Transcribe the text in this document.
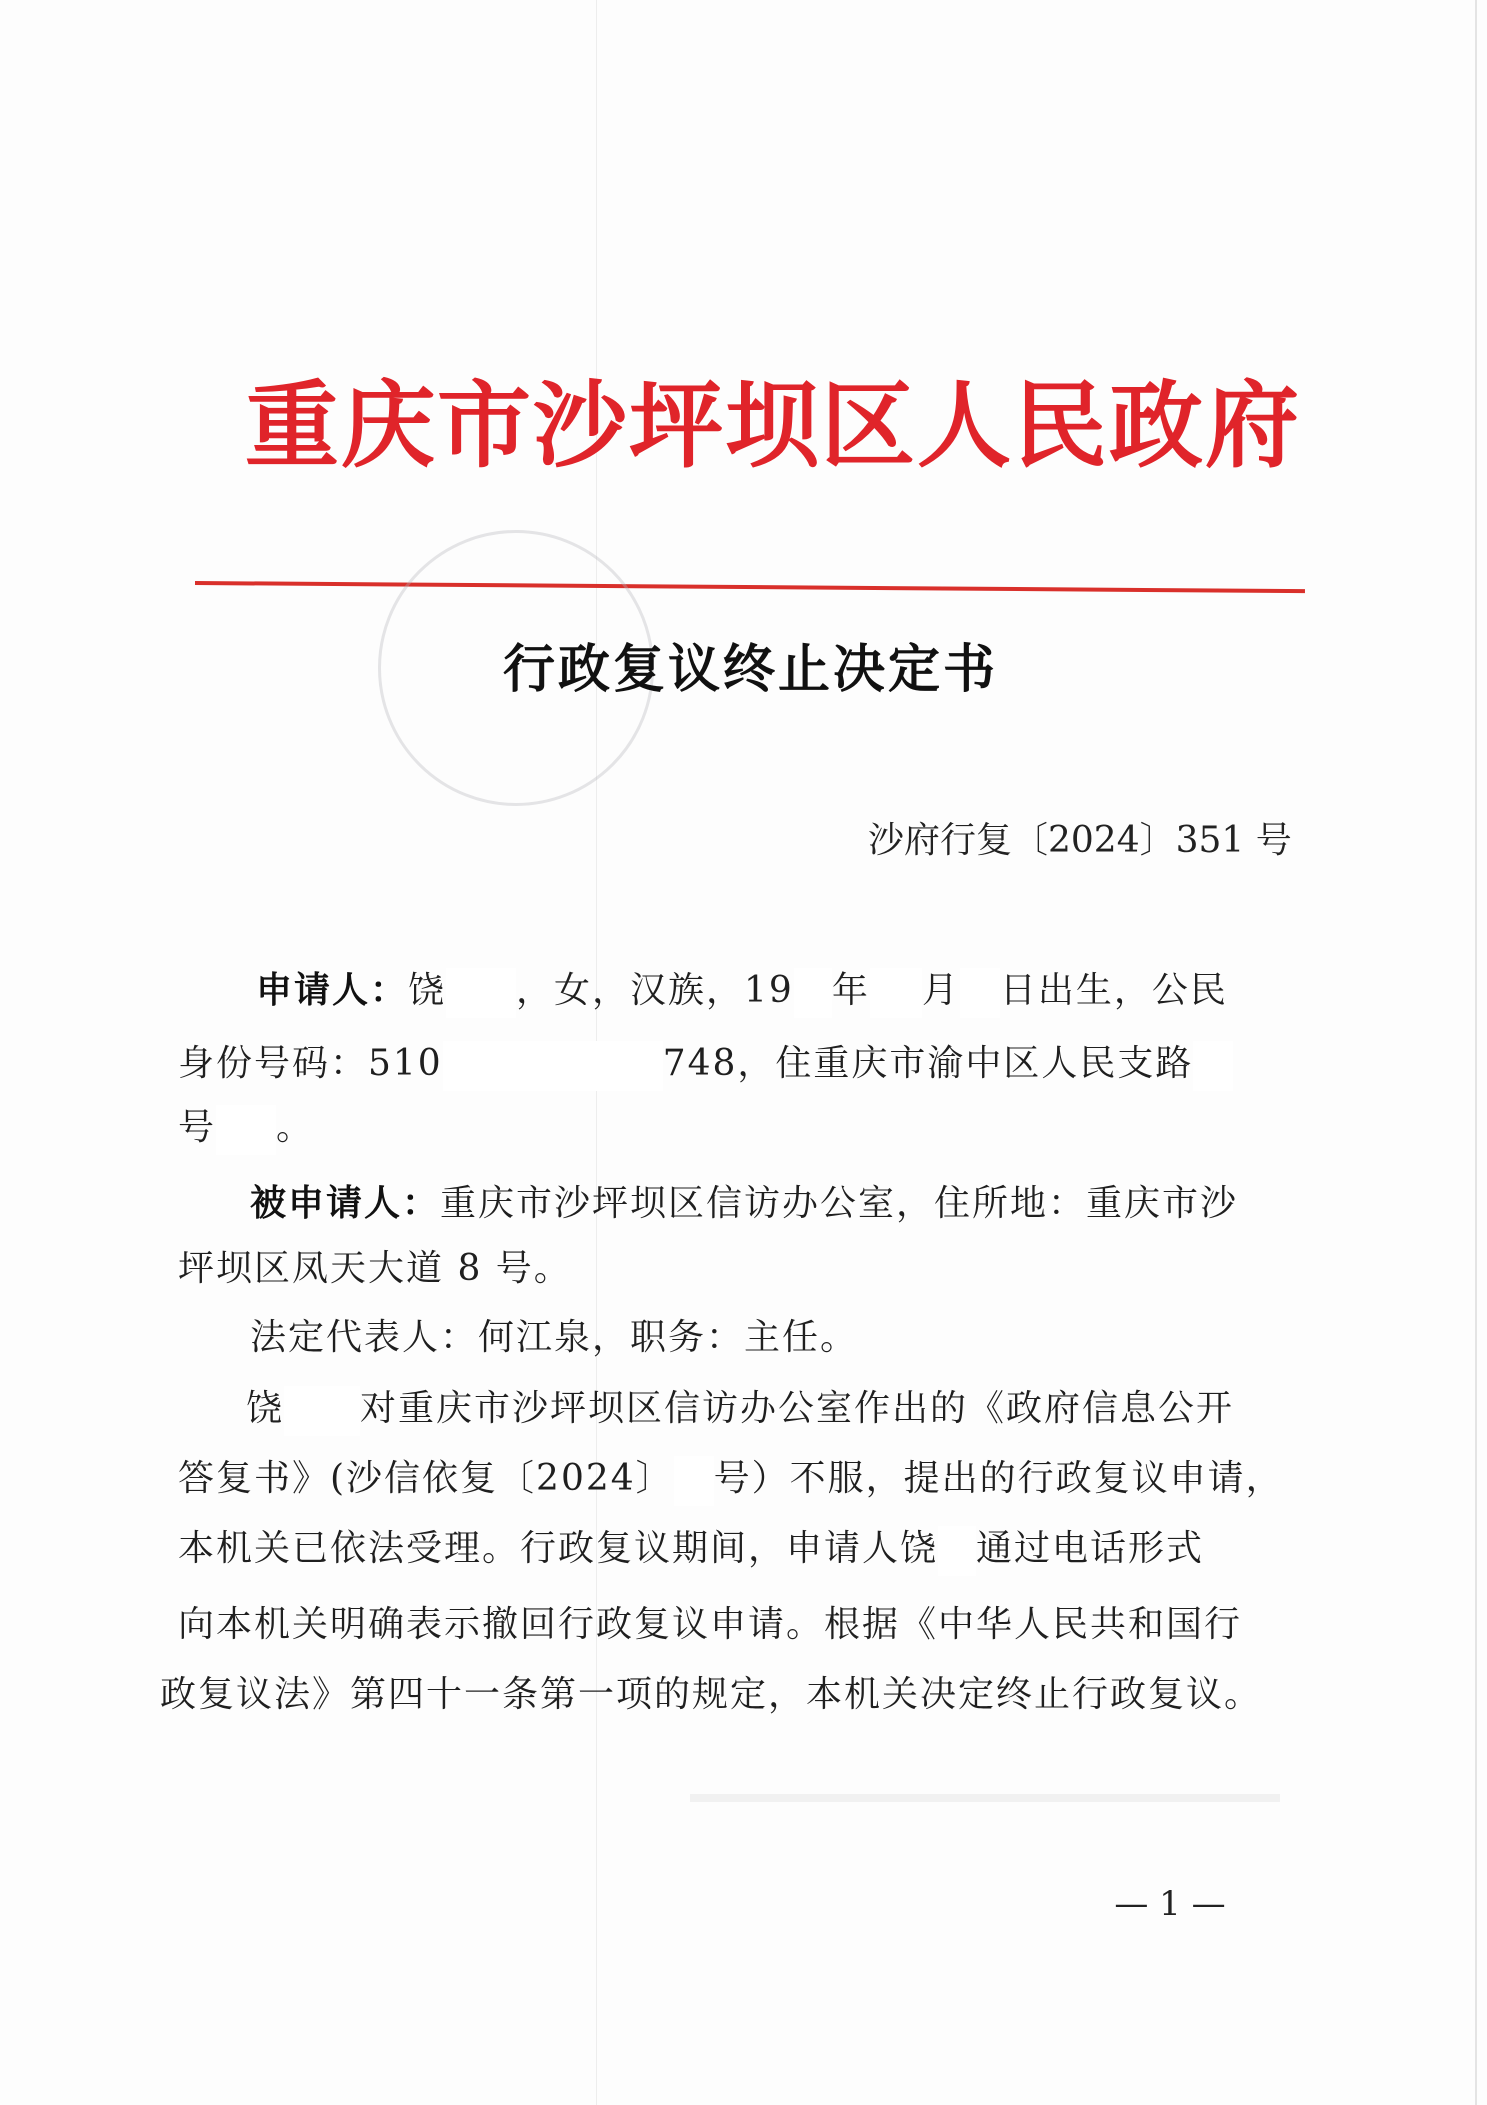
重庆市沙坪坝区人民政府
行政复议终止决定书
沙府行复〔2024〕351 号
申请人：饶 ，女，汉族，19 年 月 日出生，公民
身份号码：510	748，住重庆市渝中区人民支路
号 。
被申请人：重庆市沙坪坝区信访办公室，住所地：重庆市沙
坪坝区凤天大道 8 号。
法定代表人：何江泉，职务：主任。
饶 对重庆市沙坪坝区信访办公室作出的《政府信息公开
答复书》(沙信依复〔2024〕 号）不服，提出的行政复议申请，
本机关已依法受理。行政复议期间，申请人饶 通过电话形式
向本机关明确表示撤回行政复议申请。根据《中华人民共和国行
政复议法》第四十一条第一项的规定，本机关决定终止行政复议。
— 1 —
